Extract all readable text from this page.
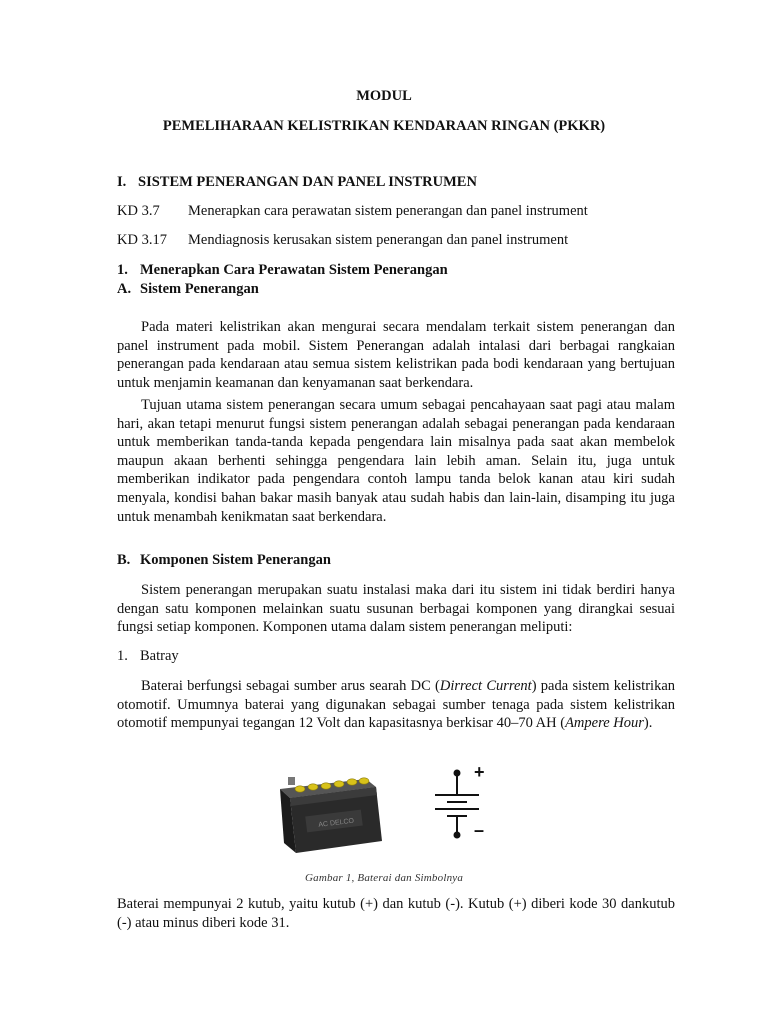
MODUL
PEMELIHARAAN KELISTRIKAN KENDARAAN RINGAN (PKKR)
I. SISTEM PENERANGAN DAN PANEL INSTRUMEN
KD 3.7 Menerapkan cara perawatan sistem penerangan dan panel instrument
KD 3.17 Mendiagnosis kerusakan sistem penerangan dan panel instrument
1. Menerapkan Cara Perawatan Sistem Penerangan
A. Sistem Penerangan

Pada materi kelistrikan akan mengurai secara mendalam terkait sistem penerangan dan panel instrument pada mobil. Sistem Penerangan adalah intalasi dari berbagai rangkaian penerangan pada kendaraan atau semua sistem kelistrikan pada bodi kendaraan yang bertujuan untuk menjamin keamanan dan kenyamanan saat berkendara.

Tujuan utama sistem penerangan secara umum sebagai pencahayaan saat pagi atau malam hari, akan tetapi menurut fungsi sistem penerangan adalah sebagai penerangan pada kendaraan untuk memberikan tanda-tanda kepada pengendara lain misalnya pada saat akan membelok maupun akaan berhenti sehingga pengendara lain lebih aman. Selain itu, juga untuk memberikan indikator pada pengendara contoh lampu tanda belok kanan atau kiri sudah menyala, kondisi bahan bakar masih banyak atau sudah habis dan lain-lain, disamping itu juga untuk menambah kenikmatan saat berkendara.

B. Komponen Sistem Penerangan

Sistem penerangan merupakan suatu instalasi maka dari itu sistem ini tidak berdiri hanya dengan satu komponen melainkan suatu susunan berbagai komponen yang dirangkai sesuai fungsi setiap komponen. Komponen utama dalam sistem penerangan meliputi:

1. Batray

Baterai berfungsi sebagai sumber arus searah DC (Dirrect Current) pada sistem kelistrikan otomotif. Umumnya baterai yang digunakan sebagai sumber tenaga pada sistem kelistrikan otomotif mempunyai tegangan 12 Volt dan kapasitasnya berkisar 40–70 AH (Ampere Hour).

AC DELCO
+
–
Gambar 1, Baterai dan Simbolnya

Baterai mempunyai 2 kutub, yaitu kutub (+) dan kutub (-). Kutub (+) diberi kode 30 dankutub (-) atau minus diberi kode 31.
